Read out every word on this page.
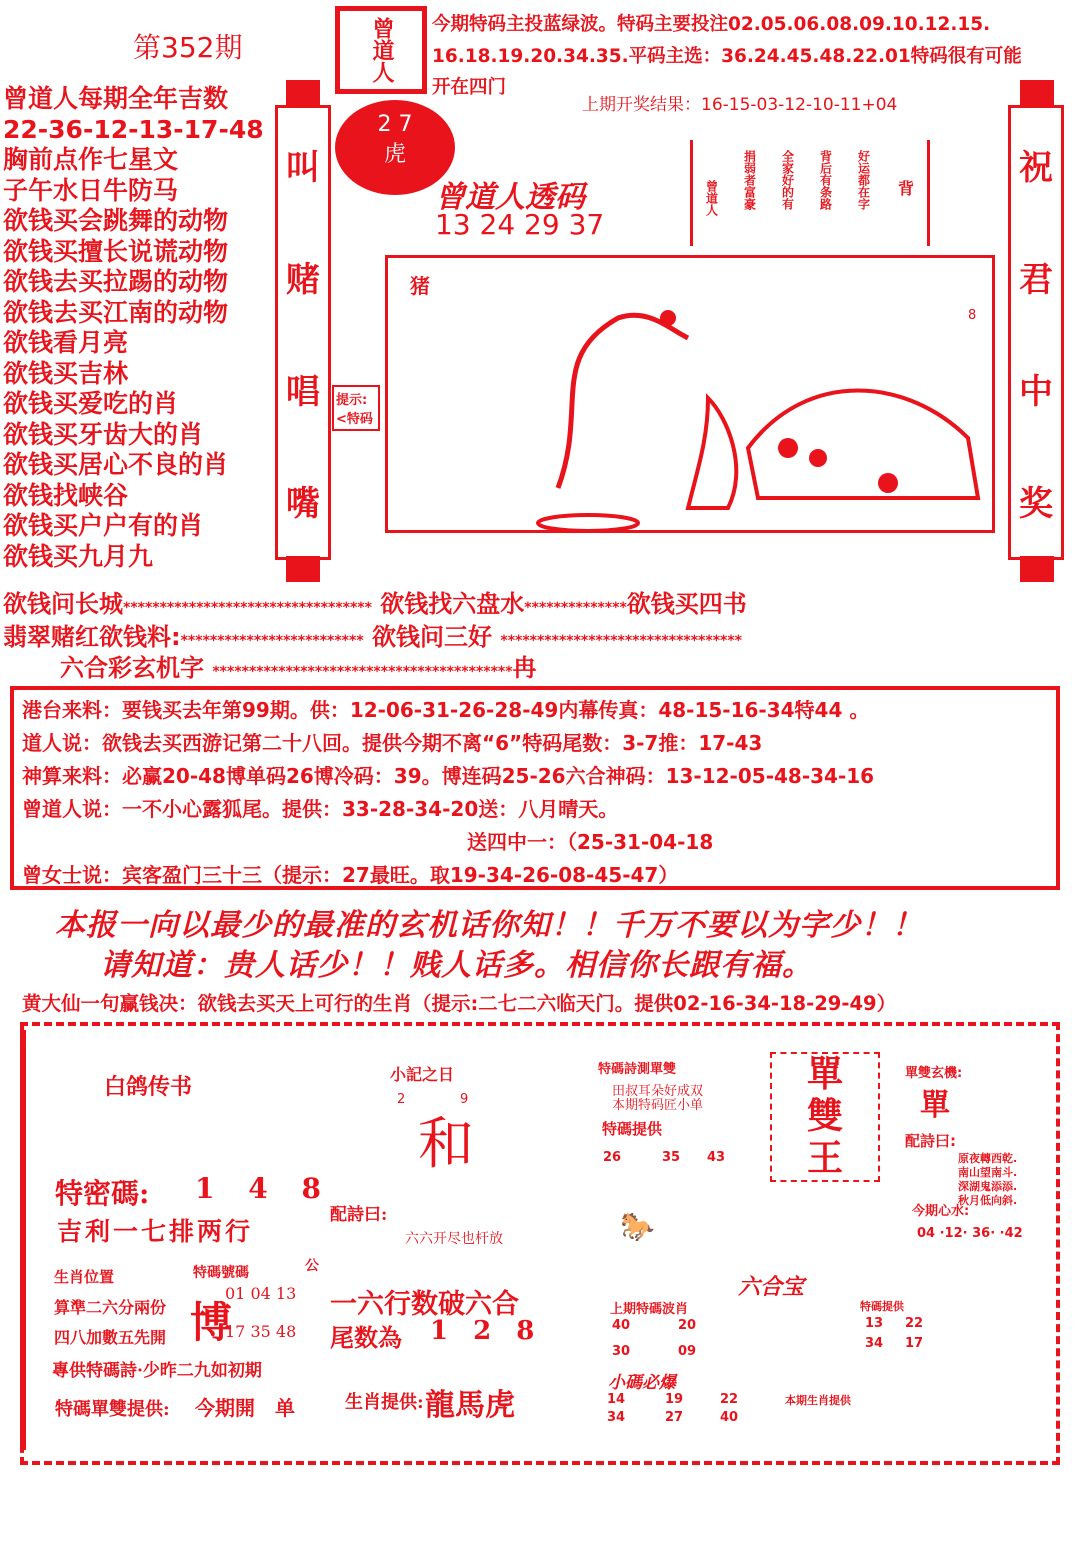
第352期	曾道人 今期特码主投蓝绿波。特码主要投注02.05.06.08.09.10.12.15.
16.18.19.20.34.35.平码主选：36.24.45.48.22.01特码很有可能
开在四门
上期开奖结果：16-15-03-12-10-11+04
曾道人每期全年吉数
22-36-12-13-17-48
胸前点作七星文
子午水日牛防马
欲钱买会跳舞的动物
欲钱买擅长说谎动物
欲钱去买拉踢的动物
欲钱去买江南的动物
欲钱看月亮
欲钱买吉林
欲钱买爱吃的肖
欲钱买牙齿大的肖
欲钱买居心不良的肖
欲钱找峡谷
欲钱买户户有的肖
欲钱买九月九
叫
赌
唱
嘴
祝
君
中
奖
2 7
虎
曾道人透码
13 24 29 37
曾道人 捐弱者富豪 全家好的有 背后有条路 好运都在字 背
猪
8
提示:<特码
欲钱问长城********************************** 欲钱找六盘水**************欲钱买四书
翡翠赌红欲钱料:************************* 欲钱问三好 *********************************
六合彩玄机字 *****************************************冉
港台来料：要钱买去年第99期。供：12-06-31-26-28-49内幕传真：48-15-16-34特44 。
道人说：欲钱去买西游记第二十八回。提供今期不离“6”特码尾数：3-7推：17-43
神算来料：必赢20-48博单码26博冷码：39。博连码25-26六合神码：13-12-05-48-34-16
曾道人说：一不小心露狐尾。提供：33-28-34-20送：八月晴天。
送四中一：（25-31-04-18
曾女士说：宾客盈门三十三（提示：27最旺。取19-34-26-08-45-47）
本报一向以最少的最准的玄机话你知！！千万不要以为字少！！
请知道：贵人话少！！贱人话多。相信你长跟有福。
黄大仙一句赢钱决：欲钱去买天上可行的生肖（提示:二七二六临天门。提供02-16-34-18-29-49）
白鸽传书	小記之日
2	9
和
特密碼: 1 4 8
吉利一七排两行
生肖位置
算準二六分兩份
四八加數五先開
特碼號碼
博
01 04 13
17 35 48
公
專供特碼詩·少昨二九如初期
特碼單雙提供: 今期開　单
配詩曰:
六六开尽也杆放
一六行数破六合
尾数為 1 2 8
生肖提供: 龍馬虎
特碼詩測單雙
田叔耳朵好成双
本期特码匠小单
特碼提供
26	35 43
單
雙
王
單雙玄機:
單
配詩曰:
原夜轉西乾.
南山望南斗.
深湖鬼添添.
秋月低向斜.
今期心水:
04 ·12· 36· ·42
六合宝
上期特碼波肖
40	20
30	09
特碼提供
13 22
34 17
小碼必爆
14	19	22
34	27	40
本期生肖提供
🐎
